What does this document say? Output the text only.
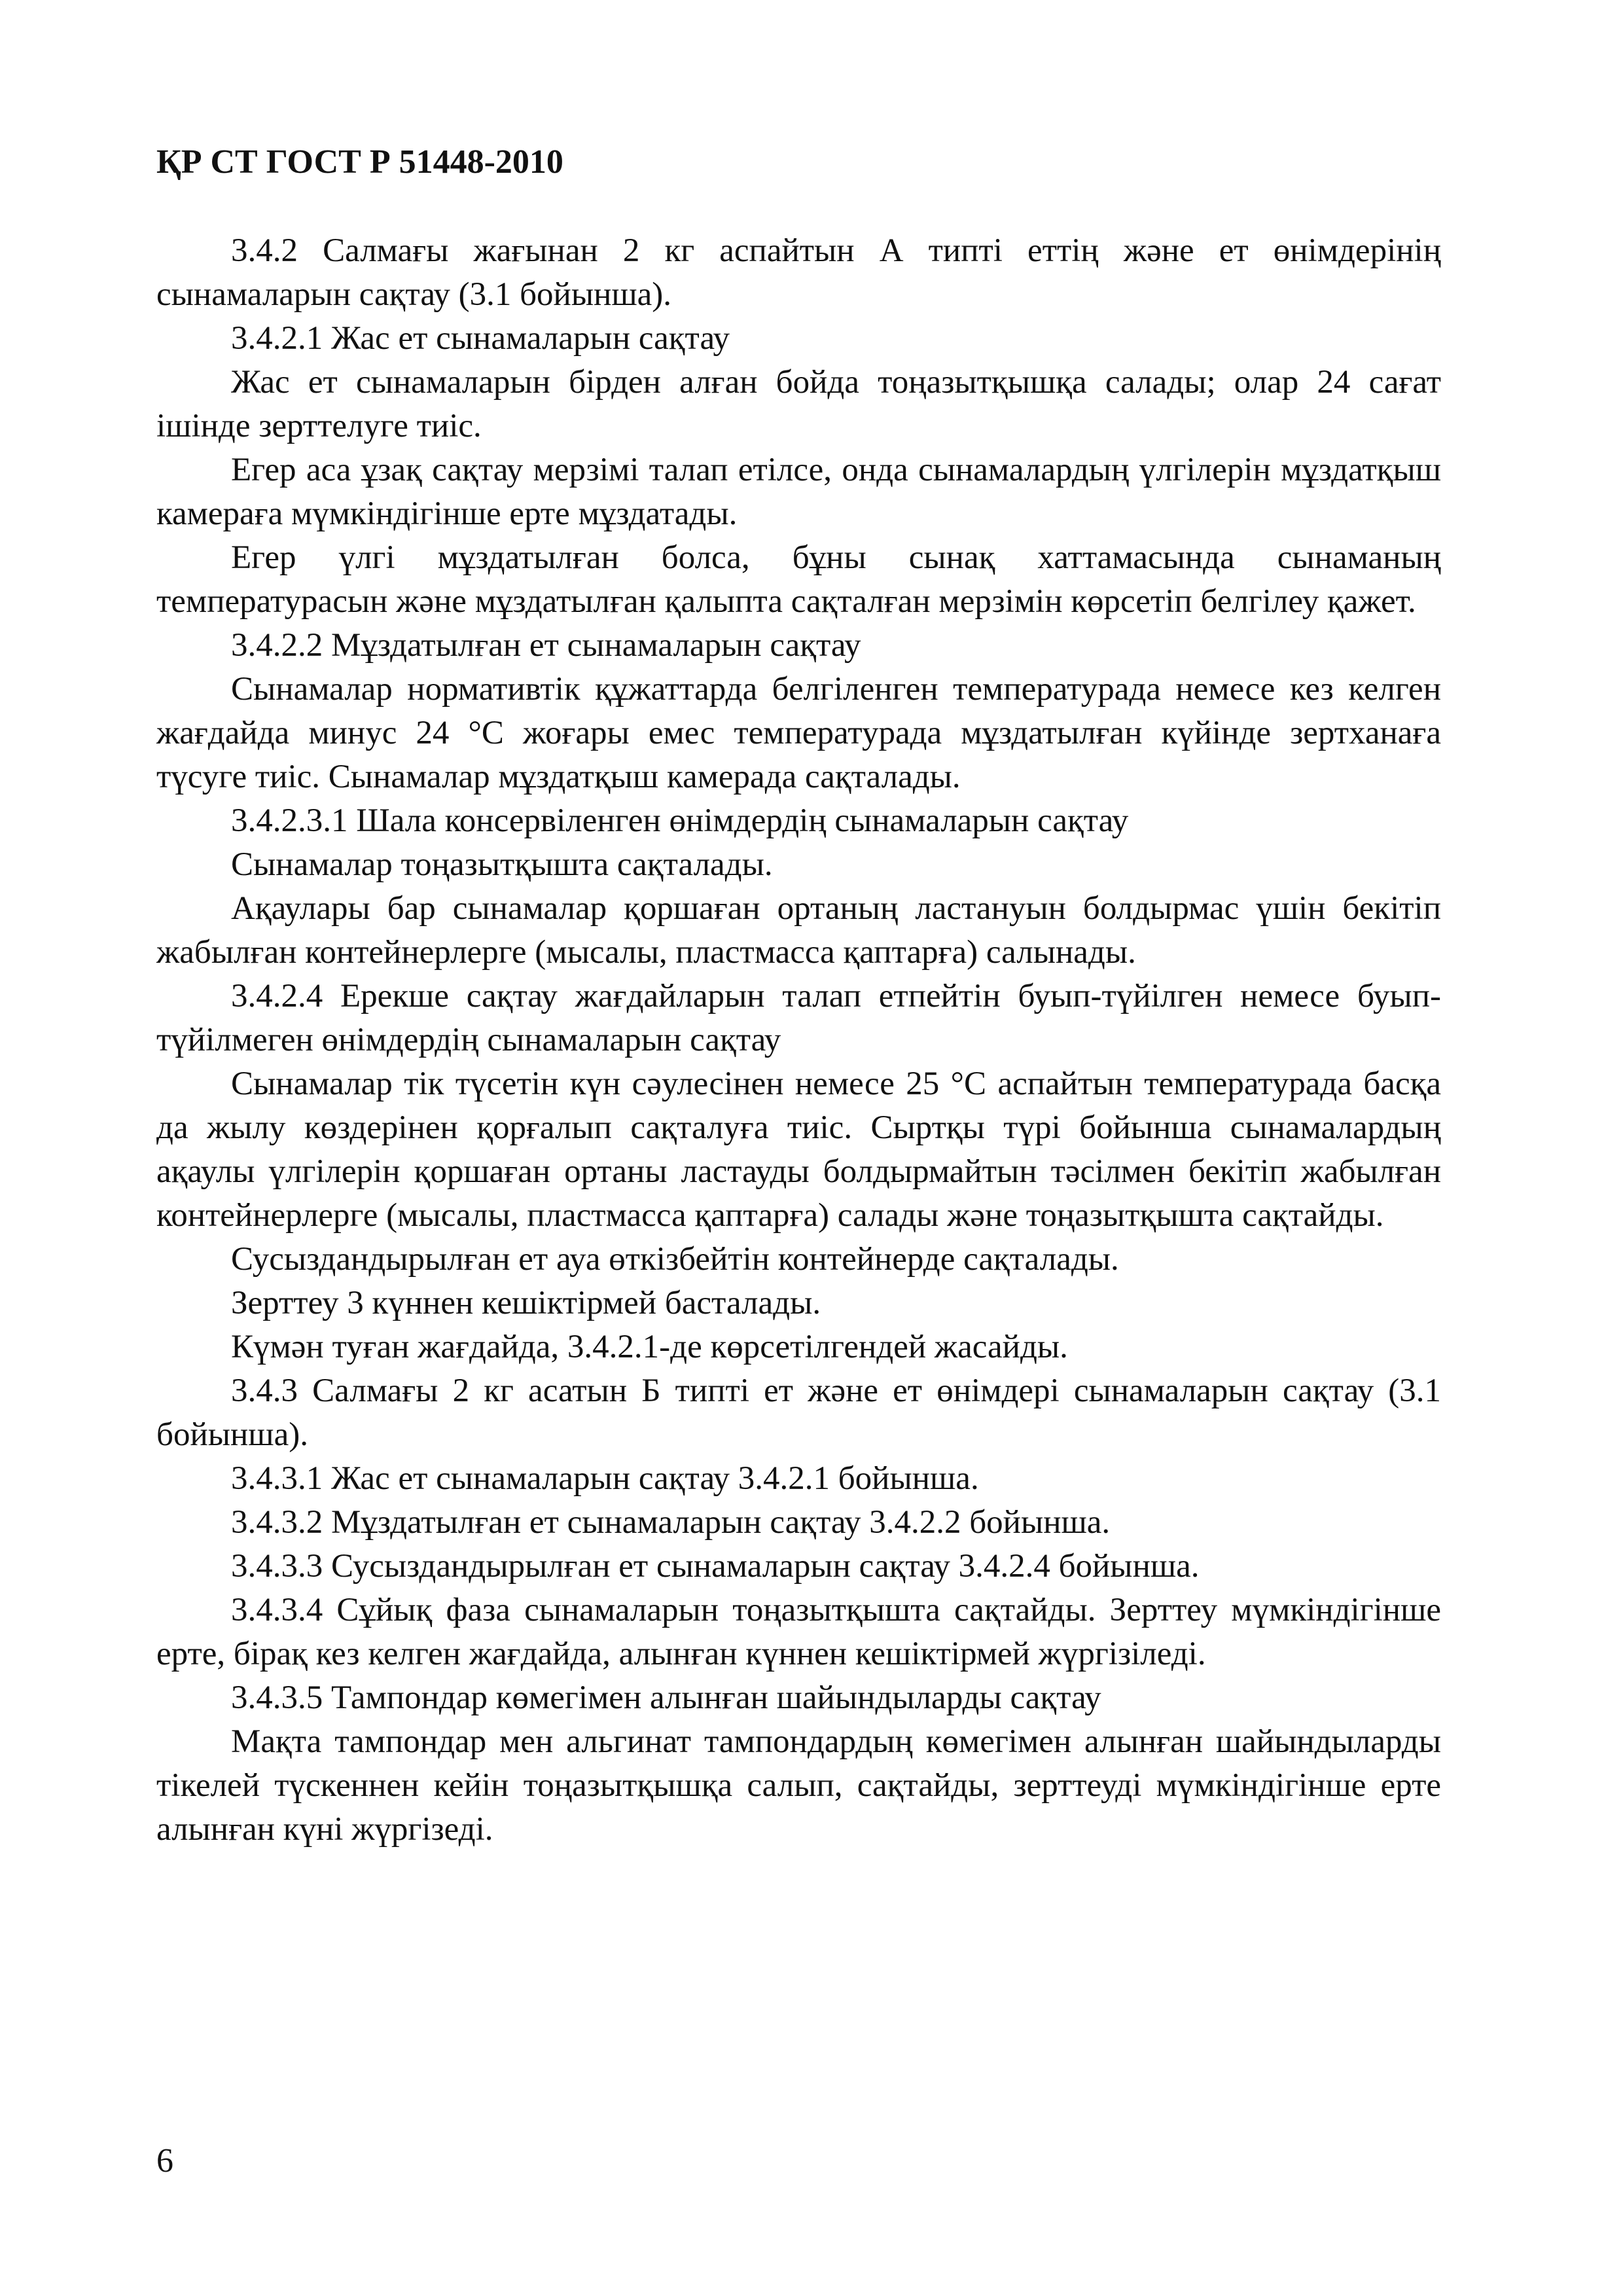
ҚР СТ ГОСТ Р 51448-2010

3.4.2 Салмағы жағынан 2 кг аспайтын А типті еттің және ет өнімдерінің сынамаларын сақтау (3.1 бойынша).

3.4.2.1 Жас ет сынамаларын сақтау

Жас ет сынамаларын бірден алған бойда тоңазытқышқа салады; олар 24 сағат ішінде зерттелуге тиіс.

Егер аса ұзақ сақтау мерзімі талап етілсе, онда сынамалардың үлгілерін мұздатқыш камераға мүмкіндігінше ерте мұздатады.

Егер үлгі мұздатылған болса, бұны сынақ хаттамасында сынаманың температурасын және мұздатылған қалыпта сақталған мерзімін көрсетіп белгілеу қажет.

3.4.2.2 Мұздатылған ет сынамаларын сақтау

Сынамалар нормативтік құжаттарда белгіленген температурада немесе кез келген жағдайда минус 24 °С жоғары емес температурада мұздатылған күйінде зертханаға түсуге тиіс. Сынамалар мұздатқыш камерада сақталады.

3.4.2.3.1 Шала консервіленген өнімдердің сынамаларын сақтау

Сынамалар тоңазытқышта сақталады.

Ақаулары бар сынамалар қоршаған ортаның ластануын болдырмас үшін бекітіп жабылған контейнерлерге (мысалы, пластмасса қаптарға) салынады.

3.4.2.4 Ерекше сақтау жағдайларын талап етпейтін буып-түйілген немесе буып-түйілмеген өнімдердің сынамаларын сақтау

Сынамалар тік түсетін күн сәулесінен немесе 25 °С аспайтын температурада басқа да жылу көздерінен қорғалып сақталуға тиіс. Сыртқы түрі бойынша сынамалардың ақаулы үлгілерін қоршаған ортаны ластауды болдырмайтын тәсілмен бекітіп жабылған контейнерлерге (мысалы, пластмасса қаптарға) салады және тоңазытқышта сақтайды.

Сусыздандырылған ет ауа өткізбейтін контейнерде сақталады.

Зерттеу 3 күннен кешіктірмей басталады.

Күмән туған жағдайда, 3.4.2.1-де көрсетілгендей жасайды.

3.4.3 Салмағы 2 кг асатын Б типті ет және ет өнімдері сынамаларын сақтау (3.1 бойынша).

3.4.3.1 Жас ет сынамаларын сақтау 3.4.2.1 бойынша.

3.4.3.2 Мұздатылған ет сынамаларын сақтау 3.4.2.2 бойынша.

3.4.3.3 Сусыздандырылған ет сынамаларын сақтау 3.4.2.4 бойынша.

3.4.3.4 Сұйық фаза сынамаларын тоңазытқышта сақтайды. Зерттеу мүмкіндігінше ерте, бірақ кез келген жағдайда, алынған күннен кешіктірмей жүргізіледі.

3.4.3.5 Тампондар көмегімен алынған шайындыларды сақтау

Мақта тампондар мен альгинат тампондардың көмегімен алынған шайындыларды тікелей түскеннен кейін тоңазытқышқа салып, сақтайды, зерттеуді мүмкіндігінше ерте алынған күні жүргізеді.

6
